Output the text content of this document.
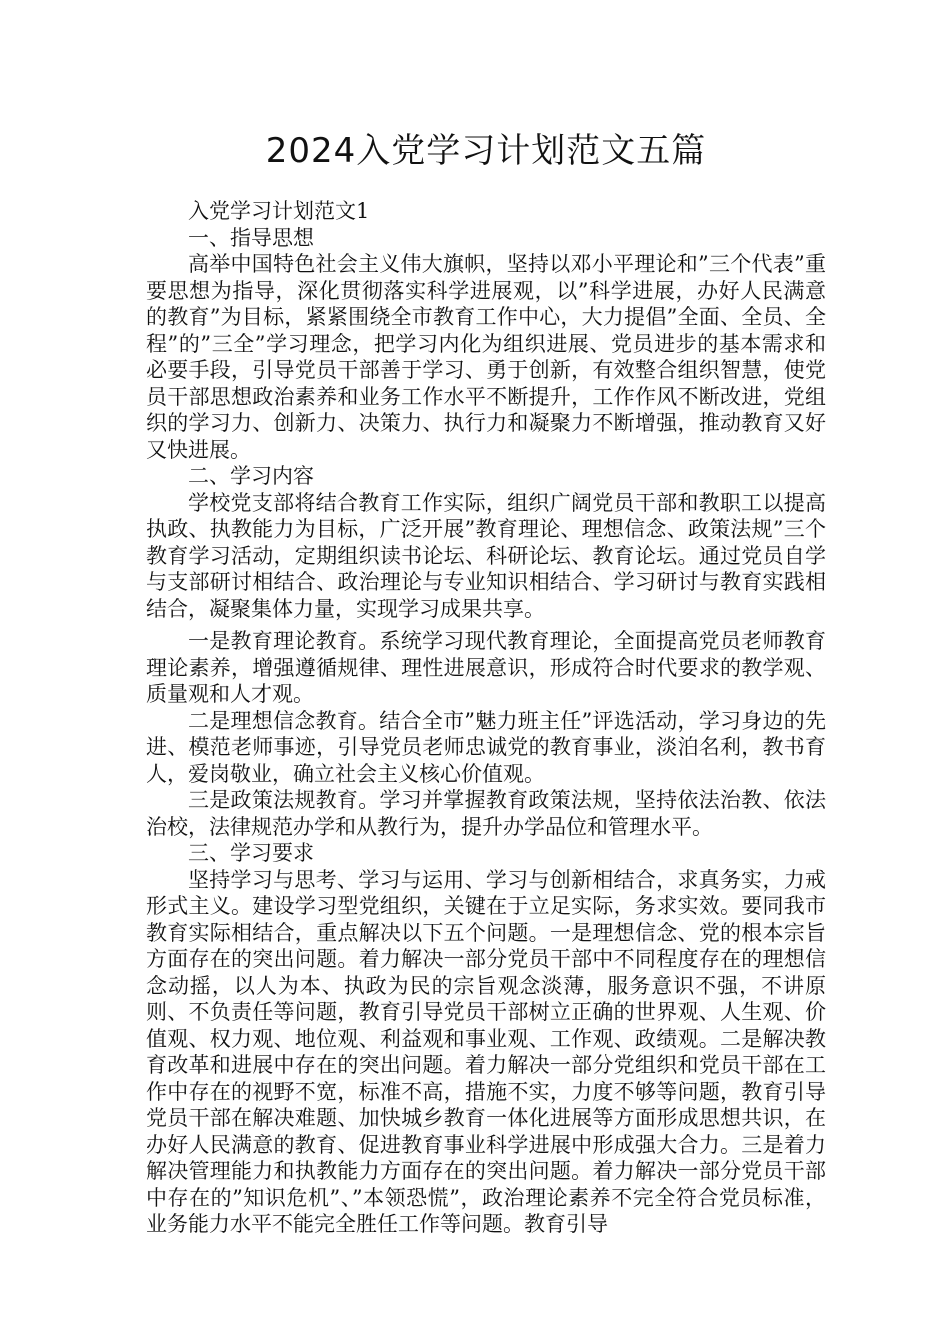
2024入党学习计划范文五篇

入党学习计划范文1

一、指导思想

高举中国特色社会主义伟大旗帜，坚持以邓小平理论和”三个代表”重要思想为指导，深化贯彻落实科学进展观，以”科学进展，办好人民满意的教育”为目标，紧紧围绕全市教育工作中心，大力提倡”全面、全员、全程”的”三全”学习理念，把学习内化为组织进展、党员进步的基本需求和必要手段，引导党员干部善于学习、勇于创新，有效整合组织智慧，使党员干部思想政治素养和业务工作水平不断提升，工作作风不断改进，党组织的学习力、创新力、决策力、执行力和凝聚力不断增强，推动教育又好又快进展。

二、学习内容

学校党支部将结合教育工作实际，组织广阔党员干部和教职工以提高执政、执教能力为目标，广泛开展”教育理论、理想信念、政策法规”三个教育学习活动，定期组织读书论坛、科研论坛、教育论坛。通过党员自学与支部研讨相结合、政治理论与专业知识相结合、学习研讨与教育实践相结合，凝聚集体力量，实现学习成果共享。

一是教育理论教育。系统学习现代教育理论，全面提高党员老师教育理论素养，增强遵循规律、理性进展意识，形成符合时代要求的教学观、质量观和人才观。

二是理想信念教育。结合全市”魅力班主任”评选活动，学习身边的先进、模范老师事迹，引导党员老师忠诚党的教育事业，淡泊名利，教书育人，爱岗敬业，确立社会主义核心价值观。

三是政策法规教育。学习并掌握教育政策法规，坚持依法治教、依法治校，法律规范办学和从教行为，提升办学品位和管理水平。

三、学习要求

坚持学习与思考、学习与运用、学习与创新相结合，求真务实，力戒形式主义。建设学习型党组织，关键在于立足实际，务求实效。要同我市教育实际相结合，重点解决以下五个问题。一是理想信念、党的根本宗旨方面存在的突出问题。着力解决一部分党员干部中不同程度存在的理想信念动摇，以人为本、执政为民的宗旨观念淡薄，服务意识不强，不讲原则、不负责任等问题，教育引导党员干部树立正确的世界观、人生观、价值观、权力观、地位观、利益观和事业观、工作观、政绩观。二是解决教育改革和进展中存在的突出问题。着力解决一部分党组织和党员干部在工作中存在的视野不宽，标准不高，措施不实，力度不够等问题，教育引导党员干部在解决难题、加快城乡教育一体化进展等方面形成思想共识，在办好人民满意的教育、促进教育事业科学进展中形成强大合力。三是着力解决管理能力和执教能力方面存在的突出问题。着力解决一部分党员干部中存在的”知识危机”、”本领恐慌”，政治理论素养不完全符合党员标准，业务能力水平不能完全胜任工作等问题。教育引导
